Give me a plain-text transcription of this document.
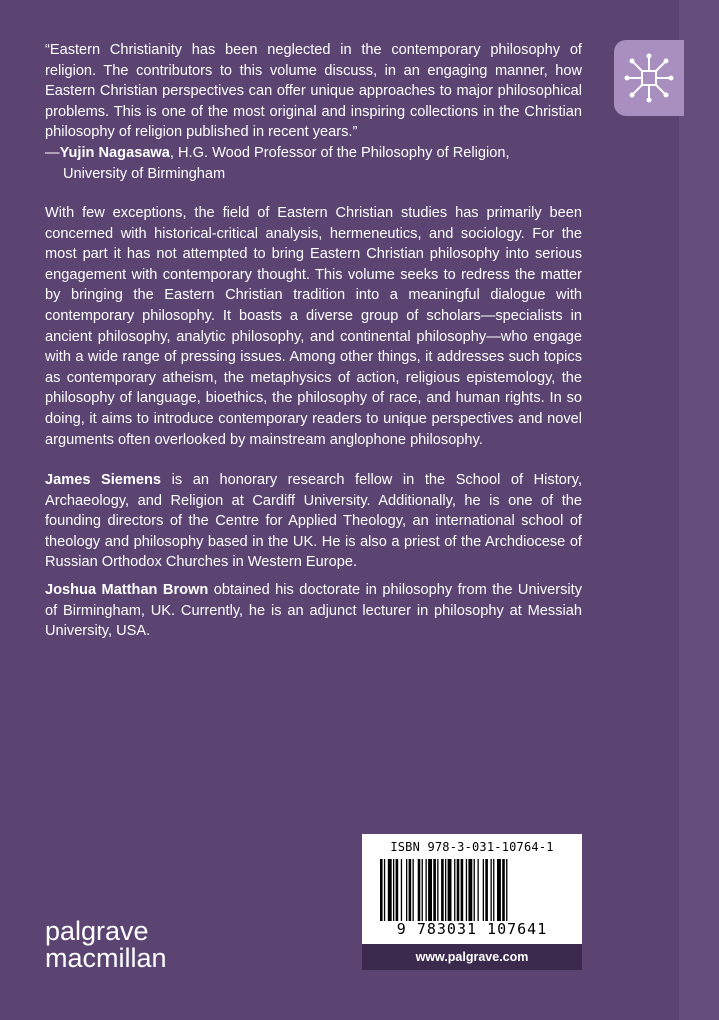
“Eastern Christianity has been neglected in the contemporary philosophy of religion. The contributors to this volume discuss, in an engaging manner, how Eastern Christian perspectives can offer unique approaches to major philosophical problems. This is one of the most original and inspiring collections in the Christian philosophy of religion published in recent years.”

—Yujin Nagasawa, H.G. Wood Professor of the Philosophy of Religion,
University of Birmingham

With few exceptions, the field of Eastern Christian studies has primarily been concerned with historical-critical analysis, hermeneutics, and sociology. For the most part it has not attempted to bring Eastern Christian philosophy into serious engagement with contemporary thought. This volume seeks to redress the matter by bringing the Eastern Christian tradition into a meaningful dialogue with contemporary philosophy. It boasts a diverse group of scholars—specialists in ancient philosophy, analytic philosophy, and continental philosophy—who engage with a wide range of pressing issues. Among other things, it addresses such topics as contemporary atheism, the metaphysics of action, religious epistemology, the philosophy of language, bioethics, the philosophy of race, and human rights. In so doing, it aims to introduce contemporary readers to unique perspectives and novel arguments often overlooked by mainstream anglophone philosophy.

James Siemens is an honorary research fellow in the School of History, Archaeology, and Religion at Cardiff University. Additionally, he is one of the founding directors of the Centre for Applied Theology, an international school of theology and philosophy based in the UK. He is also a priest of the Archdiocese of Russian Orthodox Churches in Western Europe.

Joshua Matthan Brown obtained his doctorate in philosophy from the University of Birmingham, UK. Currently, he is an adjunct lecturer in philosophy at Messiah University, USA.

ISBN 978-3-031-10764-1
9 783031 107641
www.palgrave.com
palgrave
macmillan
